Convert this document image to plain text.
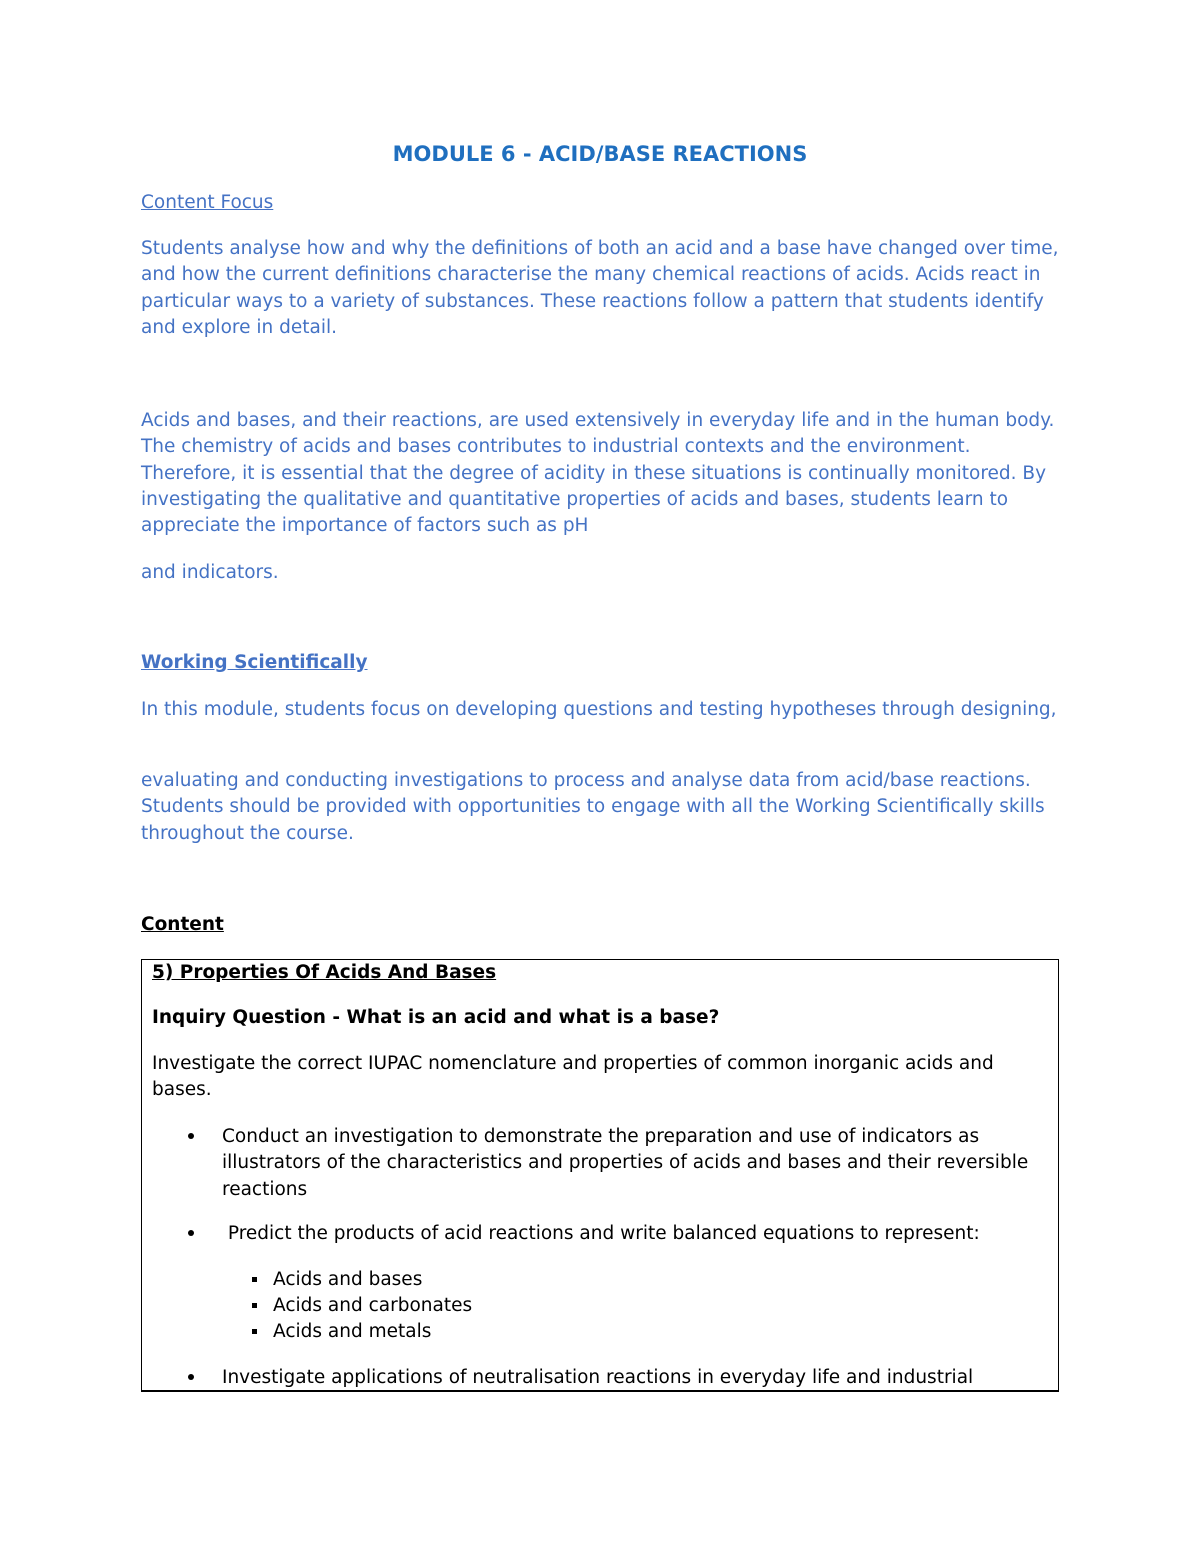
MODULE 6 - ACID/BASE REACTIONS

Content Focus

Students analyse how and why the definitions of both an acid and a base have changed over time, and how the current definitions characterise the many chemical reactions of acids. Acids react in particular ways to a variety of substances. These reactions follow a pattern that students identify and explore in detail.

Acids and bases, and their reactions, are used extensively in everyday life and in the human body. The chemistry of acids and bases contributes to industrial contexts and the environment. Therefore, it is essential that the degree of acidity in these situations is continually monitored. By investigating the qualitative and quantitative properties of acids and bases, students learn to appreciate the importance of factors such as pH

and indicators.

Working Scientifically

In this module, students focus on developing questions and testing hypotheses through designing,

evaluating and conducting investigations to process and analyse data from acid/base reactions. Students should be provided with opportunities to engage with all the Working Scientifically skills throughout the course.

Content

5) Properties Of Acids And Bases

Inquiry Question - What is an acid and what is a base?

Investigate the correct IUPAC nomenclature and properties of common inorganic acids and bases.

Conduct an investigation to demonstrate the preparation and use of indicators as illustrators of the characteristics and properties of acids and bases and their reversible reactions

Predict the products of acid reactions and write balanced equations to represent:

Acids and bases

Acids and carbonates

Acids and metals

Investigate applications of neutralisation reactions in everyday life and industrial
